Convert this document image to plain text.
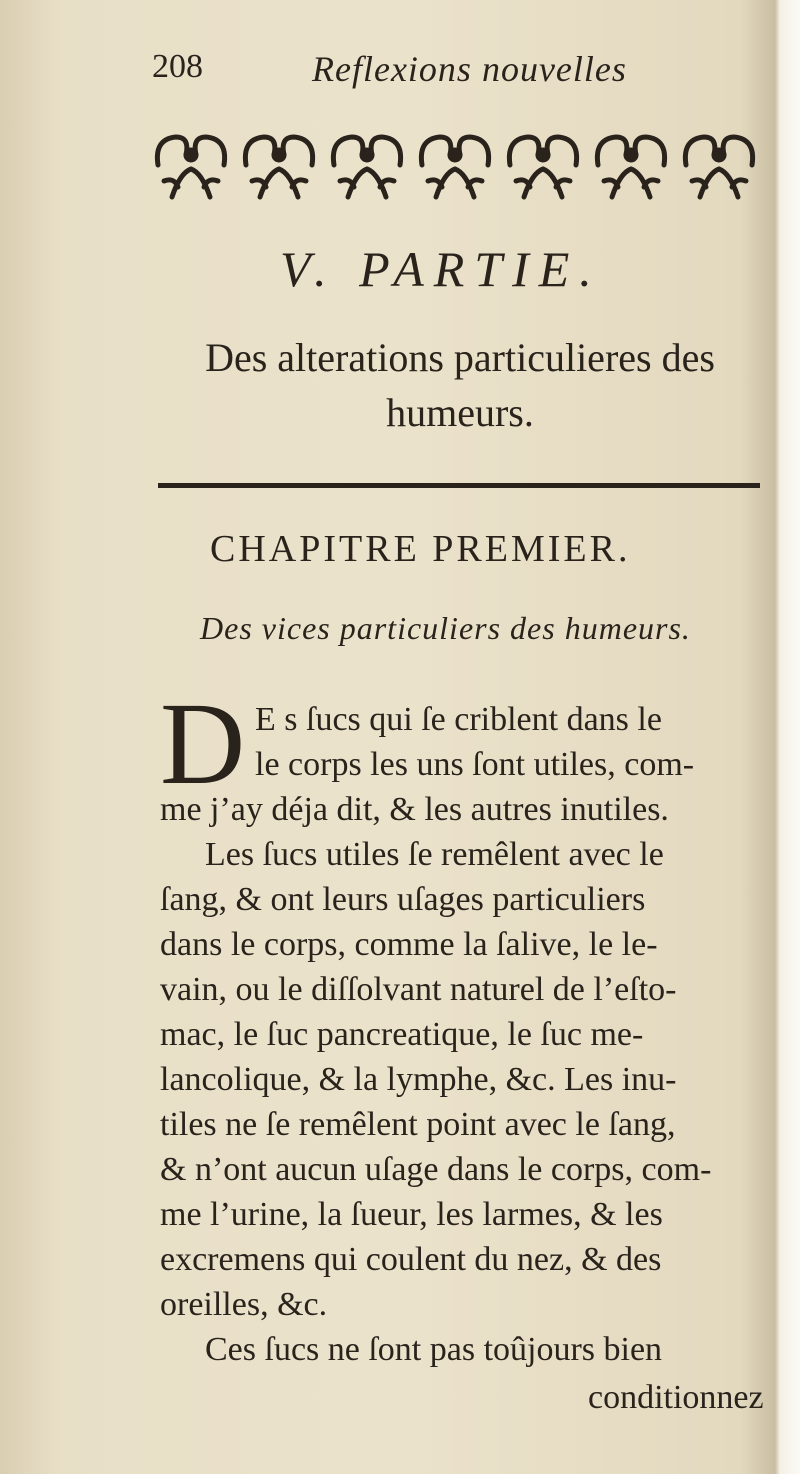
208	Reflexions nouvelles
V. PARTIE.
Des alterations particulieres des
humeurs.
CHAPITRE PREMIER.
Des vices particuliers des humeurs.
D E s ſucs qui ſe criblent dans le
le corps les uns ſont utiles, com-
me j’ay déja dit, & les autres inutiles.
Les ſucs utiles ſe remêlent avec le
ſang, & ont leurs uſages particuliers
dans le corps, comme la ſalive, le le-
vain, ou le diſſolvant naturel de l’eſto-
mac, le ſuc pancreatique, le ſuc me-
lancolique, & la lymphe, &c. Les inu-
tiles ne ſe remêlent point avec le ſang,
& n’ont aucun uſage dans le corps, com-
me l’urine, la ſueur, les larmes, & les
excremens qui coulent du nez, & des
oreilles, &c.
Ces ſucs ne ſont pas toûjours bien
conditionnez
